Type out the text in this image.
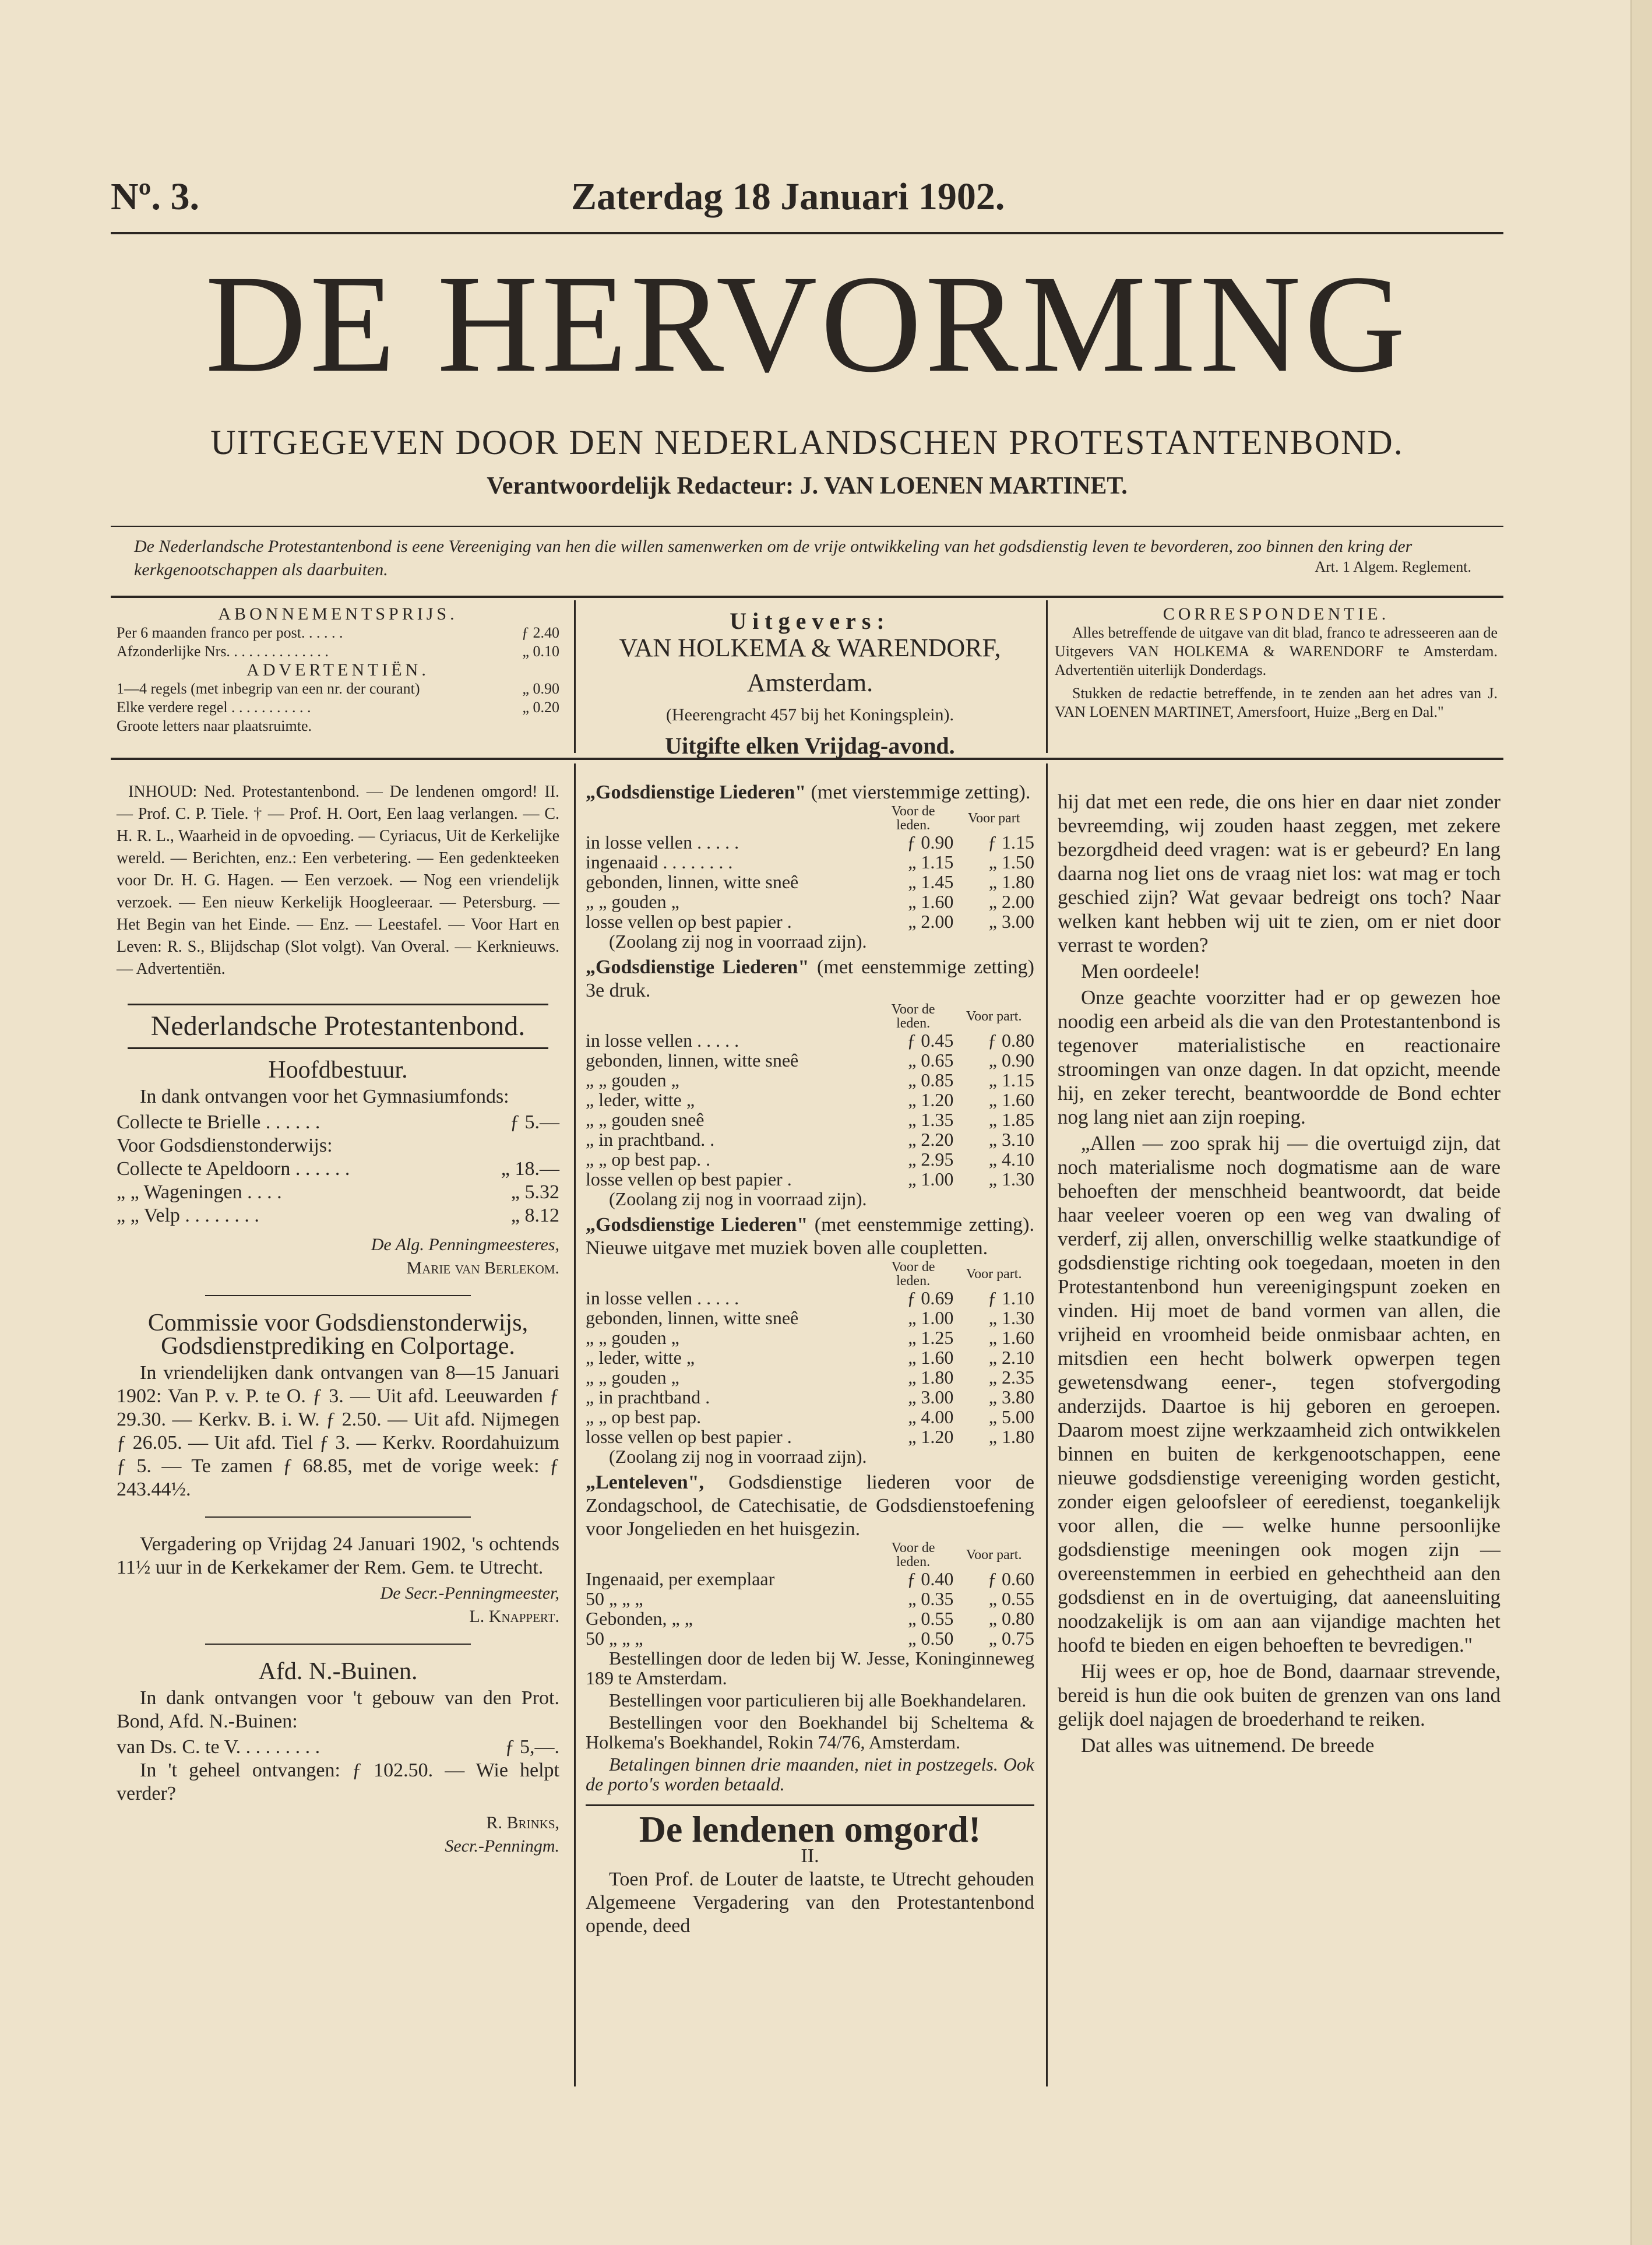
Nº. 3.	Zaterdag 18 Januari 1902.
DE HERVORMING
UITGEGEVEN DOOR DEN NEDERLANDSCHEN PROTESTANTENBOND.
Verantwoordelijk Redacteur: J. VAN LOENEN MARTINET.
De Nederlandsche Protestantenbond is eene Vereeniging van hen die willen samenwerken om de vrije ontwikkeling van het godsdienstig leven te bevorderen, zoo binnen den kring der kerkgenootschappen als daarbuiten.	Art. 1 Algem. Reglement.
ABONNEMENTSPRIJS.
Per 6 maanden franco per post. . . . . .	ƒ 2.40
Afzonderlijke Nrs. . . . . . . . . . . . . .	„ 0.10
ADVERTENTIËN.
1—4 regels (met inbegrip van een nr. der courant)	„ 0.90
Elke verdere regel . . . . . . . . . . .	„ 0.20
Groote letters naar plaatsruimte.
Uitgevers:
VAN HOLKEMA & WARENDORF, Amsterdam.
(Heerengracht 457 bij het Koningsplein).
Uitgifte elken Vrijdag-avond.
CORRESPONDENTIE.
Alles betreffende de uitgave van dit blad, franco te adresseeren aan de Uitgevers VAN HOLKEMA & WARENDORF te Amsterdam. Advertentiën uiterlijk Donderdags.
Stukken de redactie betreffende, in te zenden aan het adres van J. VAN LOENEN MARTINET, Amersfoort, Huize „Berg en Dal."
INHOUD: Ned. Protestantenbond. — De lendenen omgord! II. — Prof. C. P. Tiele. † — Prof. H. Oort, Een laag verlangen. — C. H. R. L., Waarheid in de opvoeding. — Cyriacus, Uit de Kerkelijke wereld. — Berichten, enz.: Een verbetering. — Een gedenkteeken voor Dr. H. G. Hagen. — Een verzoek. — Nog een vriendelijk verzoek. — Een nieuw Kerkelijk Hoogleeraar. — Petersburg. — Het Begin van het Einde. — Enz. — Leestafel. — Voor Hart en Leven: R. S., Blijdschap (Slot volgt). Van Overal. — Kerknieuws. — Advertentiën.
Nederlandsche Protestantenbond.
Hoofdbestuur.

In dank ontvangen voor het Gymnasiumfonds:

Collecte te Brielle . . . . . .	ƒ 5.—
Voor Godsdienstonderwijs:
Collecte te Apeldoorn . . . . . .	„ 18.—
„ „ Wageningen . . . .	„ 5.32
„ „ Velp . . . . . . . .	„ 8.12
De Alg. Penningmeesteres,
Marie van Berlekom.
Commissie voor Godsdienstonderwijs, Godsdienstprediking en Colportage.

In vriendelijken dank ontvangen van 8—15 Januari 1902: Van P. v. P. te O. ƒ 3. — Uit afd. Leeuwarden ƒ 29.30. — Kerkv. B. i. W. ƒ 2.50. — Uit afd. Nijmegen ƒ 26.05. — Uit afd. Tiel ƒ 3. — Kerkv. Roordahuizum ƒ 5. — Te zamen ƒ 68.85, met de vorige week: ƒ 243.44½.

Vergadering op Vrijdag 24 Januari 1902, 's ochtends 11½ uur in de Kerkekamer der Rem. Gem. te Utrecht.

De Secr.-Penningmeester,
L. Knappert.
Afd. N.-Buinen.

In dank ontvangen voor 't gebouw van den Prot. Bond, Afd. N.-Buinen:

van Ds. C. te V. . . . . . . . .	ƒ 5,—.

In 't geheel ontvangen: ƒ 102.50. — Wie helpt verder?

R. Brinks,
Secr.-Penningm.
„Godsdienstige Liederen" (met vierstemmige zetting).
	Voor de leden.	Voor part
in losse vellen . . . . .	ƒ 0.90	ƒ 1.15
ingenaaid . . . . . . . .	„ 1.15	„ 1.50
gebonden, linnen, witte sneê	„ 1.45	„ 1.80
„ „ gouden „	„ 1.60	„ 2.00
losse vellen op best papier .	„ 2.00	„ 3.00
(Zoolang zij nog in voorraad zijn).
„Godsdienstige Liederen" (met eenstemmige zetting) 3e druk.
	Voor de leden.	Voor part.
in losse vellen . . . . .	ƒ 0.45	ƒ 0.80
gebonden, linnen, witte sneê	„ 0.65	„ 0.90
„ „ gouden „	„ 0.85	„ 1.15
„ leder, witte „	„ 1.20	„ 1.60
„ „ gouden sneê	„ 1.35	„ 1.85
„ in prachtband. .	„ 2.20	„ 3.10
„ „ op best pap. .	„ 2.95	„ 4.10
losse vellen op best papier .	„ 1.00	„ 1.30
(Zoolang zij nog in voorraad zijn).
„Godsdienstige Liederen" (met eenstemmige zetting). Nieuwe uitgave met muziek boven alle coupletten.
	Voor de leden.	Voor part.
in losse vellen . . . . .	ƒ 0.69	ƒ 1.10
gebonden, linnen, witte sneê	„ 1.00	„ 1.30
„ „ gouden „	„ 1.25	„ 1.60
„ leder, witte „	„ 1.60	„ 2.10
„ „ gouden „	„ 1.80	„ 2.35
„ in prachtband .	„ 3.00	„ 3.80
„ „ op best pap.	„ 4.00	„ 5.00
losse vellen op best papier .	„ 1.20	„ 1.80
(Zoolang zij nog in voorraad zijn).
„Lenteleven", Godsdienstige liederen voor de Zondagschool, de Catechisatie, de Godsdienstoefening voor Jongelieden en het huisgezin.
	Voor de leden.	Voor part.
Ingenaaid, per exemplaar	ƒ 0.40	ƒ 0.60
50 „ „ „	„ 0.35	„ 0.55
Gebonden, „ „	„ 0.55	„ 0.80
50 „ „ „	„ 0.50	„ 0.75

Bestellingen door de leden bij W. Jesse, Koninginneweg 189 te Amsterdam.

Bestellingen voor particulieren bij alle Boekhandelaren.

Bestellingen voor den Boekhandel bij Scheltema & Holkema's Boekhandel, Rokin 74/76, Amsterdam.

Betalingen binnen drie maanden, niet in postzegels. Ook de porto's worden betaald.

De lendenen omgord!
II.

Toen Prof. de Louter de laatste, te Utrecht gehouden Algemeene Vergadering van den Protestantenbond opende, deed

hij dat met een rede, die ons hier en daar niet zonder bevreemding, wij zouden haast zeggen, met zekere bezorgdheid deed vragen: wat is er gebeurd? En lang daarna nog liet ons de vraag niet los: wat mag er toch geschied zijn? Wat gevaar bedreigt ons toch? Naar welken kant hebben wij uit te zien, om er niet door verrast te worden?

Men oordeele!

Onze geachte voorzitter had er op gewezen hoe noodig een arbeid als die van den Protestantenbond is tegenover materialistische en reactionaire stroomingen van onze dagen. In dat opzicht, meende hij, en zeker terecht, beantwoordde de Bond echter nog lang niet aan zijn roeping.

„Allen — zoo sprak hij — die overtuigd zijn, dat noch materialisme noch dogmatisme aan de ware behoeften der menschheid beantwoordt, dat beide haar veeleer voeren op een weg van dwaling of verderf, zij allen, onverschillig welke staatkundige of godsdienstige richting ook toegedaan, moeten in den Protestantenbond hun vereenigingspunt zoeken en vinden. Hij moet de band vormen van allen, die vrijheid en vroomheid beide onmisbaar achten, en mitsdien een hecht bolwerk opwerpen tegen gewetensdwang eener-, tegen stofvergoding anderzijds. Daartoe is hij geboren en geroepen. Daarom moest zijne werkzaamheid zich ontwikkelen binnen en buiten de kerkgenootschappen, eene nieuwe godsdienstige vereeniging worden gesticht, zonder eigen geloofsleer of eeredienst, toegankelijk voor allen, die — welke hunne persoonlijke godsdienstige meeningen ook mogen zijn — overeenstemmen in eerbied en gehechtheid aan den godsdienst en in de overtuiging, dat aaneensluiting noodzakelijk is om aan aan vijandige machten het hoofd te bieden en eigen behoeften te bevredigen."

Hij wees er op, hoe de Bond, daarnaar strevende, bereid is hun die ook buiten de grenzen van ons land gelijk doel najagen de broederhand te reiken.

Dat alles was uitnemend. De breede
